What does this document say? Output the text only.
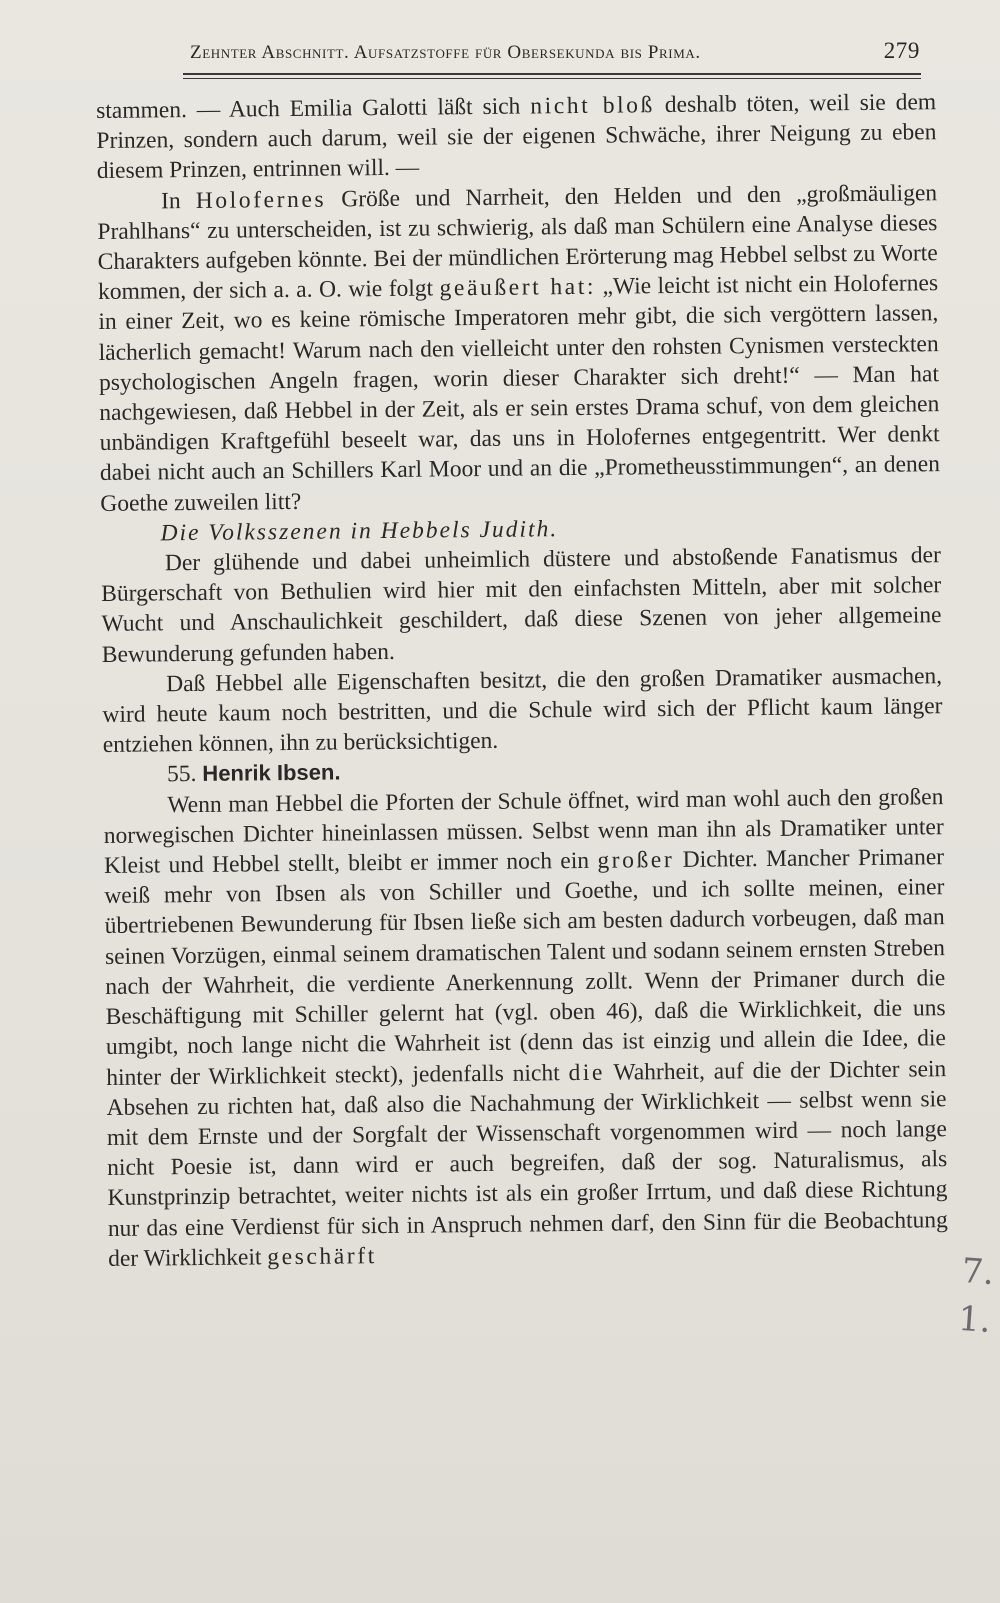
Zehnter Abschnitt. Aufsatzstoffe für Obersekunda bis Prima.	279

stammen. — Auch Emilia Galotti läßt sich nicht bloß deshalb töten, weil sie dem Prinzen, sondern auch darum, weil sie der eigenen Schwäche, ihrer Neigung zu eben diesem Prinzen, entrinnen will. —

In Holofernes Größe und Narrheit, den Helden und den „großmäuligen Prahlhans“ zu unterscheiden, ist zu schwierig, als daß man Schülern eine Analyse dieses Charakters aufgeben könnte. Bei der mündlichen Erörterung mag Hebbel selbst zu Worte kommen, der sich a. a. O. wie folgt geäußert hat: „Wie leicht ist nicht ein Holofernes in einer Zeit, wo es keine römische Imperatoren mehr gibt, die sich vergöttern lassen, lächerlich gemacht! Warum nach den vielleicht unter den rohsten Cynismen versteckten psychologischen Angeln fragen, worin dieser Charakter sich dreht!“ — Man hat nachgewiesen, daß Hebbel in der Zeit, als er sein erstes Drama schuf, von dem gleichen unbändigen Kraftgefühl beseelt war, das uns in Holofernes entgegentritt. Wer denkt dabei nicht auch an Schillers Karl Moor und an die „Prometheusstimmungen“, an denen Goethe zuweilen litt?

Die Volksszenen in Hebbels Judith.

Der glühende und dabei unheimlich düstere und abstoßende Fanatismus der Bürgerschaft von Bethulien wird hier mit den einfachsten Mitteln, aber mit solcher Wucht und Anschaulichkeit geschildert, daß diese Szenen von jeher allgemeine Bewunderung gefunden haben.

Daß Hebbel alle Eigenschaften besitzt, die den großen Dramatiker ausmachen, wird heute kaum noch bestritten, und die Schule wird sich der Pflicht kaum länger entziehen können, ihn zu berücksichtigen.

55. Henrik Ibsen.

Wenn man Hebbel die Pforten der Schule öffnet, wird man wohl auch den großen norwegischen Dichter hineinlassen müssen. Selbst wenn man ihn als Dramatiker unter Kleist und Hebbel stellt, bleibt er immer noch ein großer Dichter. Mancher Primaner weiß mehr von Ibsen als von Schiller und Goethe, und ich sollte meinen, einer übertriebenen Bewunderung für Ibsen ließe sich am besten dadurch vorbeugen, daß man seinen Vorzügen, einmal seinem dramatischen Talent und sodann seinem ernsten Streben nach der Wahrheit, die verdiente Anerkennung zollt. Wenn der Primaner durch die Beschäftigung mit Schiller gelernt hat (vgl. oben 46), daß die Wirklichkeit, die uns umgibt, noch lange nicht die Wahrheit ist (denn das ist einzig und allein die Idee, die hinter der Wirklichkeit steckt), jedenfalls nicht die Wahrheit, auf die der Dichter sein Absehen zu richten hat, daß also die Nachahmung der Wirklichkeit — selbst wenn sie mit dem Ernste und der Sorgfalt der Wissenschaft vorgenommen wird — noch lange nicht Poesie ist, dann wird er auch begreifen, daß der sog. Naturalismus, als Kunstprinzip betrachtet, weiter nichts ist als ein großer Irrtum, und daß diese Richtung nur das eine Verdienst für sich in Anspruch nehmen darf, den Sinn für die Beobachtung der Wirklichkeit geschärft	7. 1.
